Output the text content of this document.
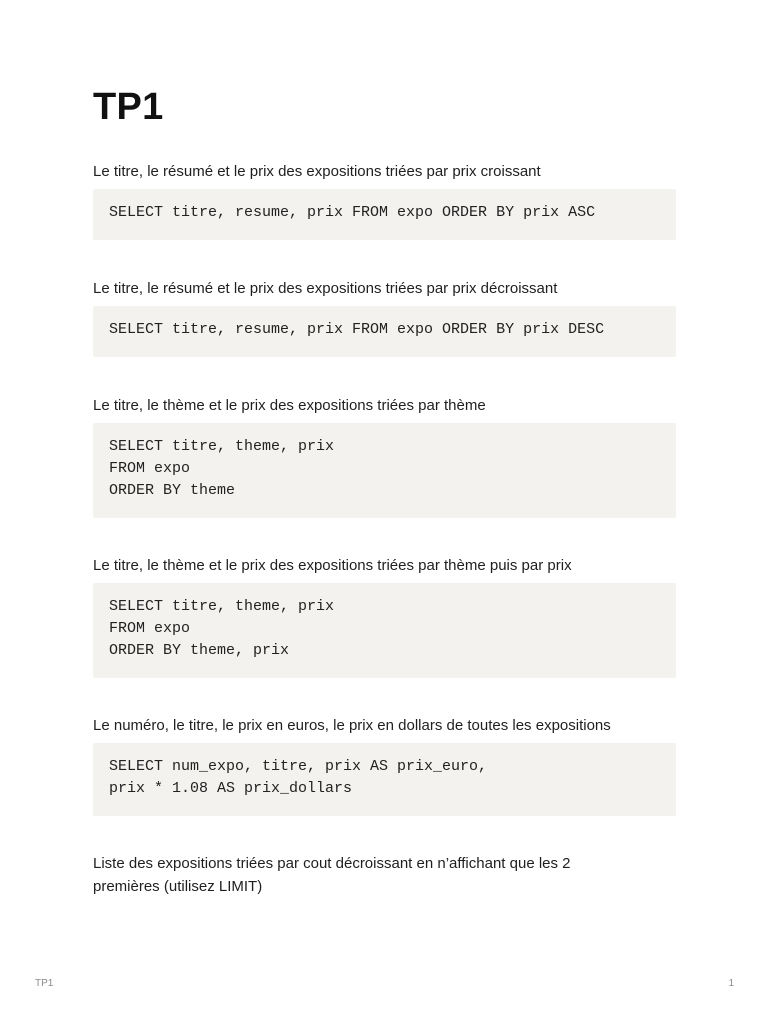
TP1

Le titre, le résumé et le prix des expositions triées par prix croissant

SELECT titre, resume, prix FROM expo ORDER BY prix ASC

Le titre, le résumé et le prix des expositions triées par prix décroissant

SELECT titre, resume, prix FROM expo ORDER BY prix DESC

Le titre, le thème et le prix des expositions triées par thème

SELECT titre, theme, prix
FROM expo
ORDER BY theme

Le titre, le thème et le prix des expositions triées par thème puis par prix

SELECT titre, theme, prix
FROM expo
ORDER BY theme, prix

Le numéro, le titre, le prix en euros, le prix en dollars de toutes les expositions

SELECT num_expo, titre, prix AS prix_euro,
prix * 1.08 AS prix_dollars

Liste des expositions triées par cout décroissant en n’affichant que les 2
premières (utilisez LIMIT)

TP1	1
